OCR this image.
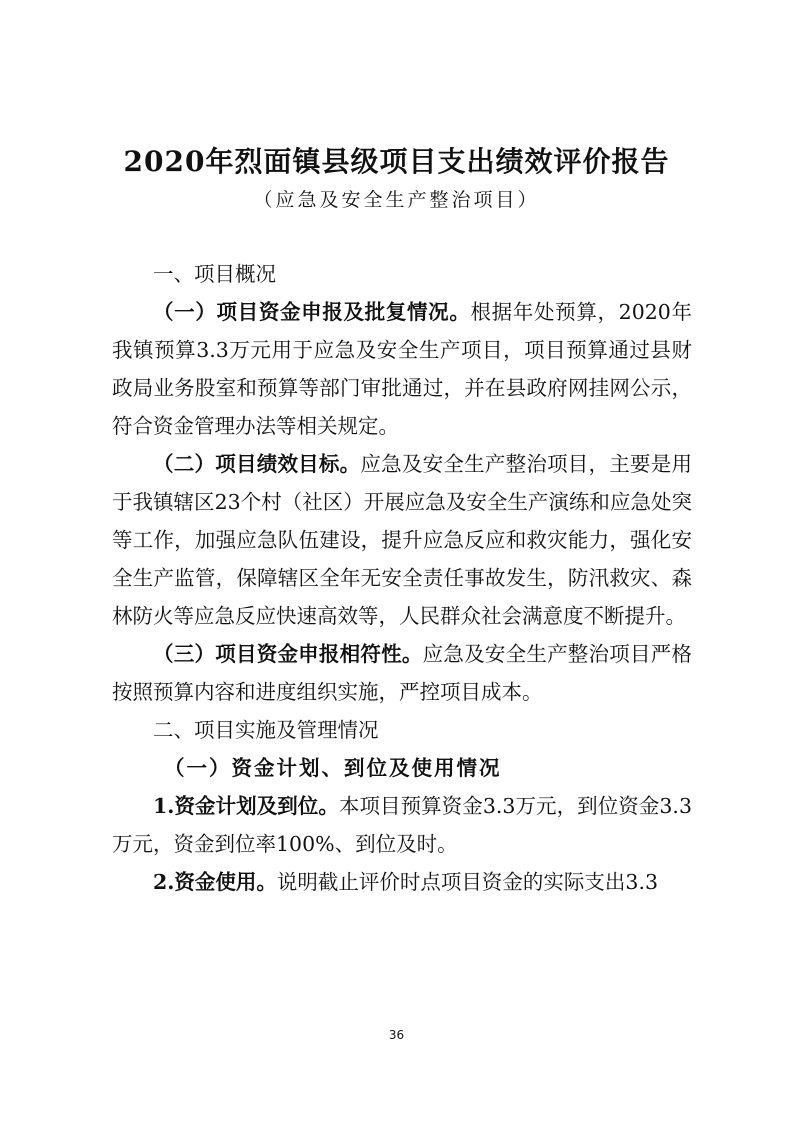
2020年烈面镇县级项目支出绩效评价报告
（应急及安全生产整治项目）

一、项目概况

（一）项目资金申报及批复情况。根据年处预算，2020年我镇预算3.3万元用于应急及安全生产项目，项目预算通过县财政局业务股室和预算等部门审批通过，并在县政府网挂网公示，符合资金管理办法等相关规定。

（二）项目绩效目标。应急及安全生产整治项目，主要是用于我镇辖区23个村（社区）开展应急及安全生产演练和应急处突等工作，加强应急队伍建设，提升应急反应和救灾能力，强化安全生产监管，保障辖区全年无安全责任事故发生，防汛救灾、森林防火等应急反应快速高效等，人民群众社会满意度不断提升。

（三）项目资金申报相符性。应急及安全生产整治项目严格按照预算内容和进度组织实施，严控项目成本。

二、项目实施及管理情况

（一）资金计划、到位及使用情况

1.资金计划及到位。本项目预算资金3.3万元，到位资金3.3万元，资金到位率100%、到位及时。

2.资金使用。说明截止评价时点项目资金的实际支出3.3

36
